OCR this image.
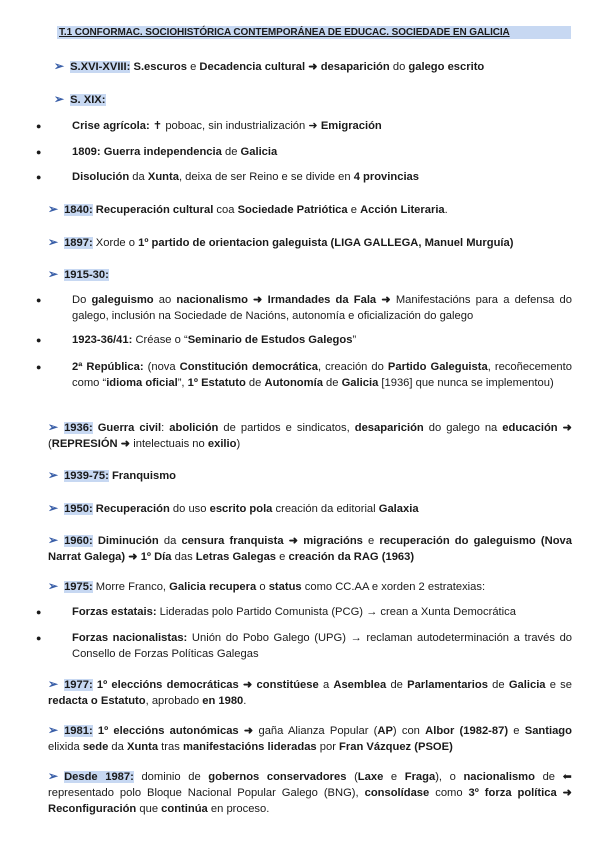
T.1 CONFORMAC. SOCIOHISTÓRICA CONTEMPORÁNEA DE EDUCAC. SOCIEDADE EN GALICIA
➢ S.XVI-XVIII: S.escuros e Decadencia cultural ➜ desaparición do galego escrito
➢ S. XIX:
●	Crise agrícola: ✝ poboac, sin industrialización ➜ Emigración
●	1809: Guerra independencia de Galicia
●	Disolución da Xunta, deixa de ser Reino e se divide en 4 provincias
➢ 1840: Recuperación cultural coa Sociedade Patriótica e Acción Literaria.
➢ 1897: Xorde o 1º partido de orientacion galeguista (LIGA GALLEGA, Manuel Murguía)
➢ 1915-30:
●	Do galeguismo ao nacionalismo ➜ Irmandades da Fala ➜ Manifestacións para a defensa do galego, inclusión na Sociedade de Nacións, autonomía e oficialización do galego
●	1923-36/41: Créase o “Seminario de Estudos Galegos”
●	2ª República: (nova Constitución democrática, creación do Partido Galeguista, recoñecemento como “idioma oficial”, 1º Estatuto de Autonomía de Galicia [1936] que nunca se implementou)
➢ 1936: Guerra civil: abolición de partidos e sindicatos, desaparición do galego na educación ➜ (REPRESIÓN ➜ intelectuais no exilio)
➢ 1939-75: Franquismo
➢ 1950: Recuperación do uso escrito pola creación da editorial Galaxia
➢ 1960: Diminución da censura franquista ➜ migracións e recuperación do galeguismo (Nova Narrat Galega) ➜ 1º Día das Letras Galegas e creación da RAG (1963)
➢ 1975: Morre Franco, Galicia recupera o status como CC.AA e xorden 2 estratexias:
●	Forzas estatais: Lideradas polo Partido Comunista (PCG) → crean a Xunta Democrática
●	Forzas nacionalistas: Unión do Pobo Galego (UPG) → reclaman autodeterminación a través do Consello de Forzas Políticas Galegas
➢ 1977: 1º eleccións democráticas ➜ constitúese a Asemblea de Parlamentarios de Galicia e se redacta o Estatuto, aprobado en 1980.
➢ 1981: 1º eleccións autonómicas ➜ gaña Alianza Popular (AP) con Albor (1982-87) e Santiago elixida sede da Xunta tras manifestacións lideradas por Fran Vázquez (PSOE)
➢ Desde 1987: dominio de gobernos conservadores (Laxe e Fraga), o nacionalismo de ⬅ representado polo Bloque Nacional Popular Galego (BNG), consolídase como 3º forza política ➜ Reconfiguración que continúa en proceso.
